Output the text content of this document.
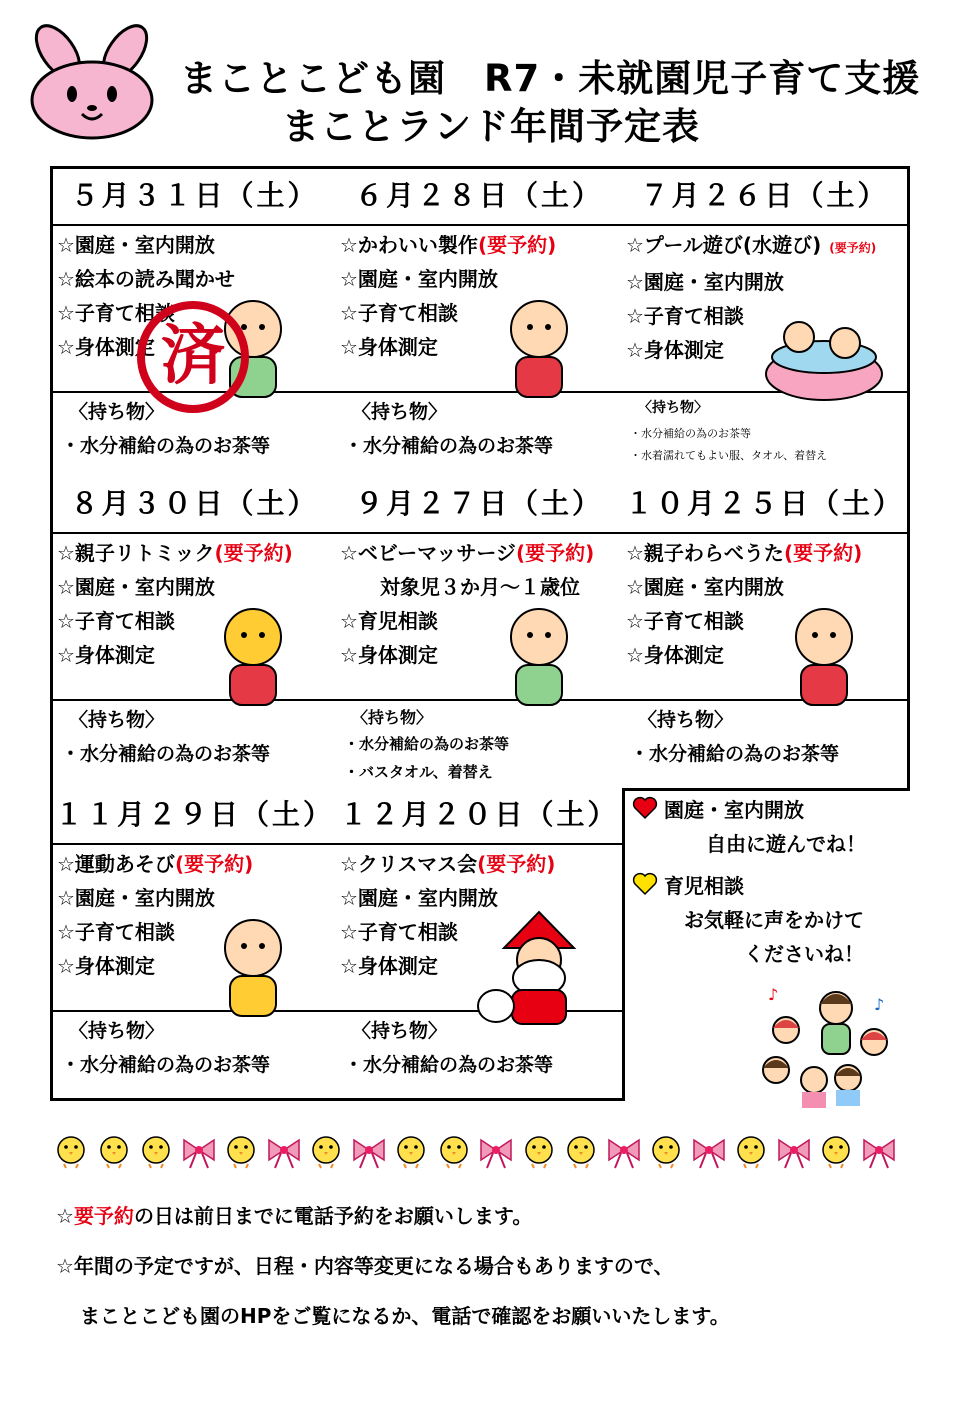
まことこども園　R7・未就園児子育て支援
まことランド年間予定表
５月３１日（土）
☆園庭・室内開放
☆絵本の読み聞かせ
☆子育て相談
☆身体測定
〈持ち物〉
・水分補給の為のお茶等
済
６月２８日（土）
☆かわいい製作(要予約)
☆園庭・室内開放
☆子育て相談
☆身体測定
〈持ち物〉
・水分補給の為のお茶等
７月２６日（土）
☆プール遊び(水遊び) (要予約)
☆園庭・室内開放
☆子育て相談
☆身体測定
〈持ち物〉
・水分補給の為のお茶等
・水着濡れてもよい服、タオル、着替え
８月３０日（土）
☆親子リトミック(要予約)
☆園庭・室内開放
☆子育て相談
☆身体測定
〈持ち物〉
・水分補給の為のお茶等
９月２７日（土）
☆ベビーマッサージ(要予約)
　　対象児３か月～１歳位
☆育児相談
☆身体測定
〈持ち物〉
・水分補給の為のお茶等
・バスタオル、着替え
１０月２５日（土）
☆親子わらべうた(要予約)
☆園庭・室内開放
☆子育て相談
☆身体測定
〈持ち物〉
・水分補給の為のお茶等
１１月２９日（土）
☆運動あそび(要予約)
☆園庭・室内開放
☆子育て相談
☆身体測定
〈持ち物〉
・水分補給の為のお茶等
１２月２０日（土）
☆クリスマス会(要予約)
☆園庭・室内開放
☆子育て相談
☆身体測定
〈持ち物〉
・水分補給の為のお茶等
園庭・室内開放
自由に遊んでね！
育児相談
お気軽に声をかけて
くださいね！
♪
♪
☆要予約の日は前日までに電話予約をお願いします。
☆年間の予定ですが、日程・内容等変更になる場合もありますので、
まことこども園のHPをご覧になるか、電話で確認をお願いいたします。
